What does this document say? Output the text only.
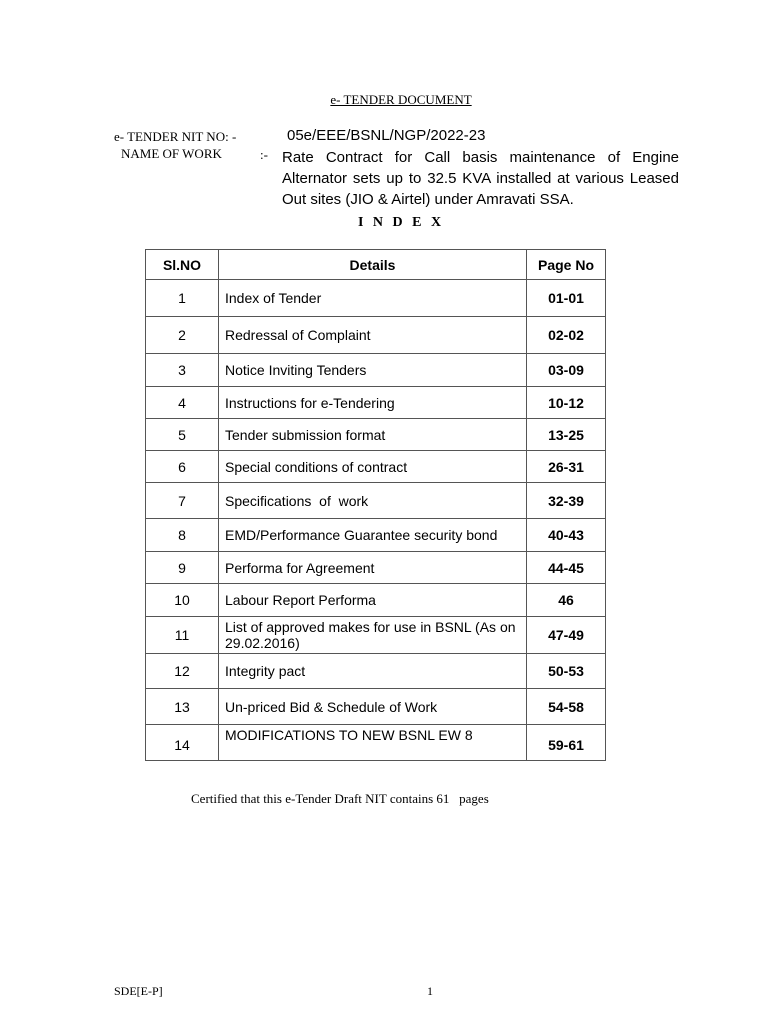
e- TENDER DOCUMENT
e- TENDER NIT NO: -	05e/EEE/BSNL/NGP/2022-23
NAME OF WORK	:- Rate Contract for Call basis maintenance of Engine Alternator sets up to 32.5 KVA installed at various Leased Out sites (JIO & Airtel) under Amravati SSA.
I N D E X
Sl.NO	Details	Page No
1	Index of Tender	01-01
2	Redressal of Complaint	02-02
3	Notice Inviting Tenders	03-09
4	Instructions for e-Tendering	10-12
5	Tender submission format	13-25
6	Special conditions of contract	26-31
7	Specifications  of  work	32-39
8	EMD/Performance Guarantee security bond	40-43
9	Performa for Agreement	44-45
10	Labour Report Performa	46
11	List of approved makes for use in BSNL (As on 29.02.2016)	47-49
12	Integrity pact	50-53
13	Un-priced Bid & Schedule of Work	54-58
14	MODIFICATIONS TO NEW BSNL EW 8	59-61
Certified that this e-Tender Draft NIT contains 61   pages
SDE[E-P]	1
